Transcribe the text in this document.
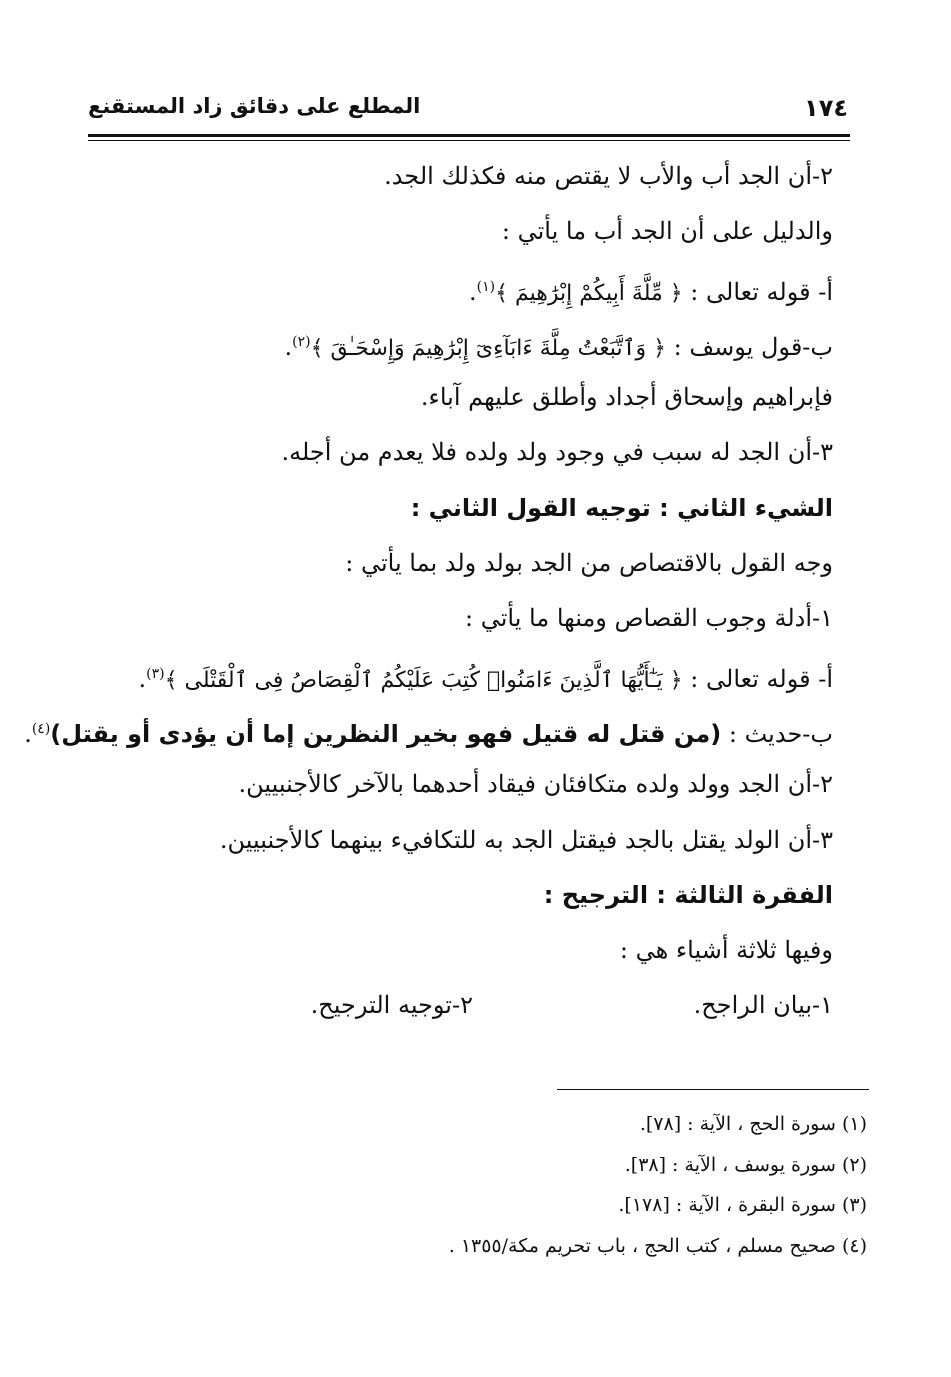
١٧٤
المطلع على دقائق زاد المستقنع
٢-أن الجد أب والأب لا يقتص منه فكذلك الجد.
والدليل على أن الجد أب ما يأتي :
أ- قوله تعالى : ﴿ مِّلَّةَ أَبِيكُمْ إِبْرَٰهِيمَ ﴾$^{(١)}$.
ب-قول يوسف : ﴿ وَٱتَّبَعْتُ مِلَّةَ ءَابَآءِىٓ إِبْرَٰهِيمَ وَإِسْحَـٰقَ ﴾$^{(٢)}$.
فإبراهيم وإسحاق أجداد وأطلق عليهم آباء.
٣-أن الجد له سبب في وجود ولد ولده فلا يعدم من أجله.
الشيء الثاني : توجيه القول الثاني :
وجه القول بالاقتصاص من الجد بولد ولد بما يأتي :
١-أدلة وجوب القصاص ومنها ما يأتي :
أ- قوله تعالى : ﴿ يَـٰٓأَيُّهَا ٱلَّذِينَ ءَامَنُوا۟ كُتِبَ عَلَيْكُمُ ٱلْقِصَاصُ فِى ٱلْقَتْلَى ﴾$^{(٣)}$.
ب-حديث : (من قتل له قتيل فهو بخير النظرين إما أن يؤدى أو يقتل)$^{(٤)}$.
٢-أن الجد وولد ولده متكافئان فيقاد أحدهما بالآخر كالأجنبيين.
٣-أن الولد يقتل بالجد فيقتل الجد به للتكافيء بينهما كالأجنبيين.
الفقرة الثالثة : الترجيح :
وفيها ثلاثة أشياء هي :
١-بيان الراجح.
٢-توجيه الترجيح.
(١) سورة الحج ، الآية : [٧٨].
(٢) سورة يوسف ، الآية : [٣٨].
(٣) سورة البقرة ، الآية : [١٧٨].
(٤) صحيح مسلم ، كتب الحج ، باب تحريم مكة/١٣٥٥ .
